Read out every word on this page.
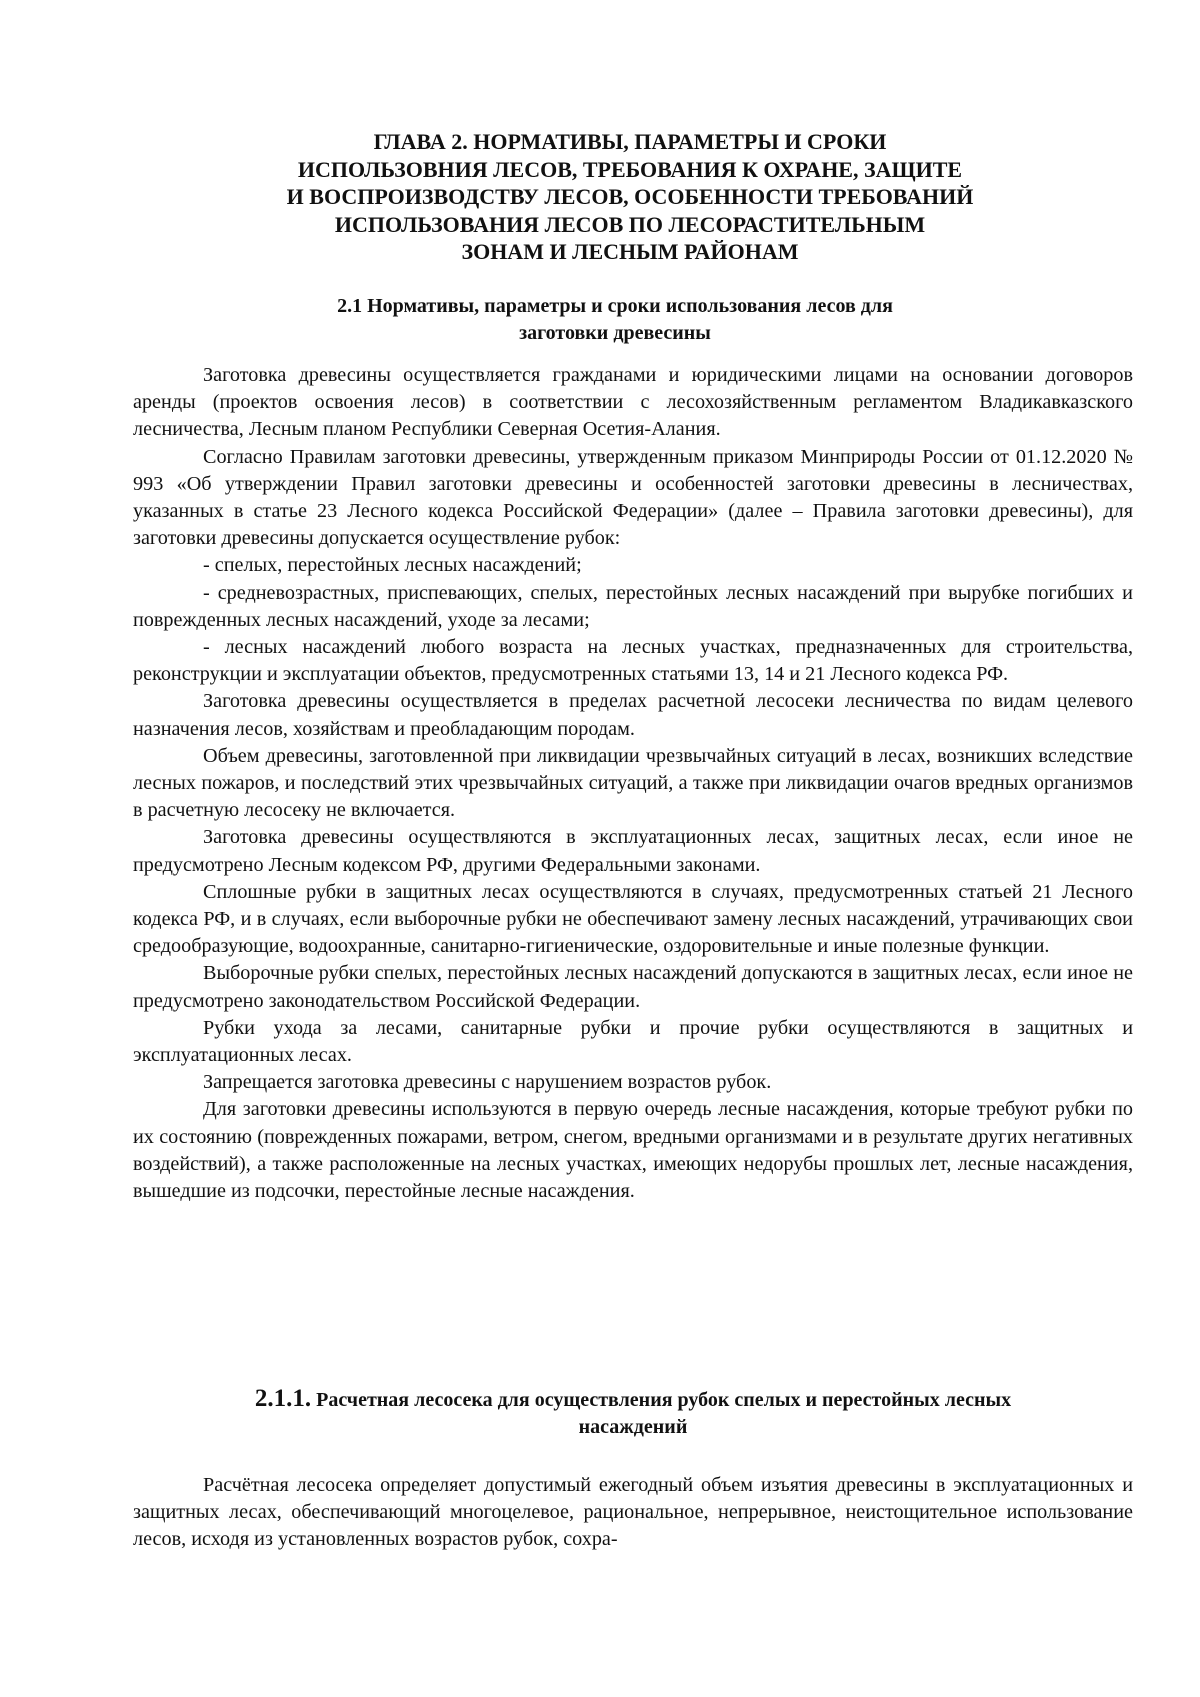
ГЛАВА 2. НОРМАТИВЫ, ПАРАМЕТРЫ И СРОКИ
ИСПОЛЬЗОВНИЯ ЛЕСОВ, ТРЕБОВАНИЯ К ОХРАНЕ, ЗАЩИТЕ
И ВОСПРОИЗВОДСТВУ ЛЕСОВ, ОСОБЕННОСТИ ТРЕБОВАНИЙ
ИСПОЛЬЗОВАНИЯ ЛЕСОВ ПО ЛЕСОРАСТИТЕЛЬНЫМ
ЗОНАМ И ЛЕСНЫМ РАЙОНАМ
2.1 Нормативы, параметры и сроки использования лесов для
заготовки древесины

Заготовка древесины осуществляется гражданами и юридическими лицами на основании договоров аренды (проектов освоения лесов) в соответствии с лесохозяйственным регламентом Владикавказского лесничества, Лесным планом Республики Северная Осетия-Алания.

Согласно Правилам заготовки древесины, утвержденным приказом Минприроды России от 01.12.2020 № 993 «Об утверждении Правил заготовки древесины и особенностей заготовки древесины в лесничествах, указанных в статье 23 Лесного кодекса Российской Федерации» (далее – Правила заготовки древесины), для заготовки древесины допускается осуществление рубок:

- спелых, перестойных лесных насаждений;

- средневозрастных, приспевающих, спелых, перестойных лесных насаждений при вырубке погибших и поврежденных лесных насаждений, уходе за лесами;

- лесных насаждений любого возраста на лесных участках, предназначенных для строительства, реконструкции и эксплуатации объектов, предусмотренных статьями 13, 14 и 21 Лесного кодекса РФ.

Заготовка древесины осуществляется в пределах расчетной лесосеки лесничества по видам целевого назначения лесов, хозяйствам и преобладающим породам.

Объем древесины, заготовленной при ликвидации чрезвычайных ситуаций в лесах, возникших вследствие лесных пожаров, и последствий этих чрезвычайных ситуаций, а также при ликвидации очагов вредных организмов в расчетную лесосеку не включается.

Заготовка древесины осуществляются в эксплуатационных лесах, защитных лесах, если иное не предусмотрено Лесным кодексом РФ, другими Федеральными законами.

Сплошные рубки в защитных лесах осуществляются в случаях, предусмотренных статьей 21 Лесного кодекса РФ, и в случаях, если выборочные рубки не обеспечивают замену лесных насаждений, утрачивающих свои средообразующие, водоохранные, санитарно-гигиенические, оздоровительные и иные полезные функции.

Выборочные рубки спелых, перестойных лесных насаждений допускаются в защитных лесах, если иное не предусмотрено законодательством Российской Федерации.

Рубки ухода за лесами, санитарные рубки и прочие рубки осуществляются в защитных и эксплуатационных лесах.

Запрещается заготовка древесины с нарушением возрастов рубок.

Для заготовки древесины используются в первую очередь лесные насаждения, которые требуют рубки по их состоянию (поврежденных пожарами, ветром, снегом, вредными организмами и в результате других негативных воздействий), а также расположенные на лесных участках, имеющих недорубы прошлых лет, лесные насаждения, вышедшие из подсочки, перестойные лесные насаждения.

2.1.1. Расчетная лесосека для осуществления рубок спелых и перестойных лесных
насаждений

Расчётная лесосека определяет допустимый ежегодный объем изъятия древесины в эксплуатационных и защитных лесах, обеспечивающий многоцелевое, рациональное, непрерывное, неистощительное использование лесов, исходя из установленных возрастов рубок, сохра-
